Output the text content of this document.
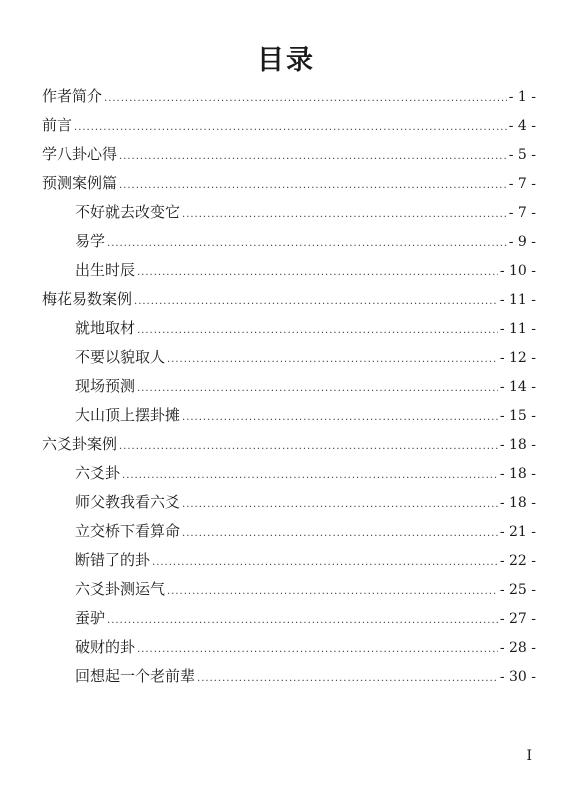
目录
作者简介 .....	- 1 -
前言 .....	- 4 -
学八卦心得 .....	- 5 -
预测案例篇 .....	- 7 -
不好就去改变它 .....	- 7 -
易学 .....	- 9 -
出生时辰 .....	- 10 -
梅花易数案例 .....	- 11 -
就地取材 .....	- 11 -
不要以貌取人 .....	- 12 -
现场预测 .....	- 14 -
大山顶上摆卦摊 .....	- 15 -
六爻卦案例 .....	- 18 -
六爻卦 .....	- 18 -
师父教我看六爻 .....	- 18 -
立交桥下看算命 .....	- 21 -
断错了的卦 .....	- 22 -
六爻卦测运气 .....	- 25 -
蚕驴 .....	- 27 -
破财的卦 .....	- 28 -
回想起一个老前辈 .....	- 30 -
I
